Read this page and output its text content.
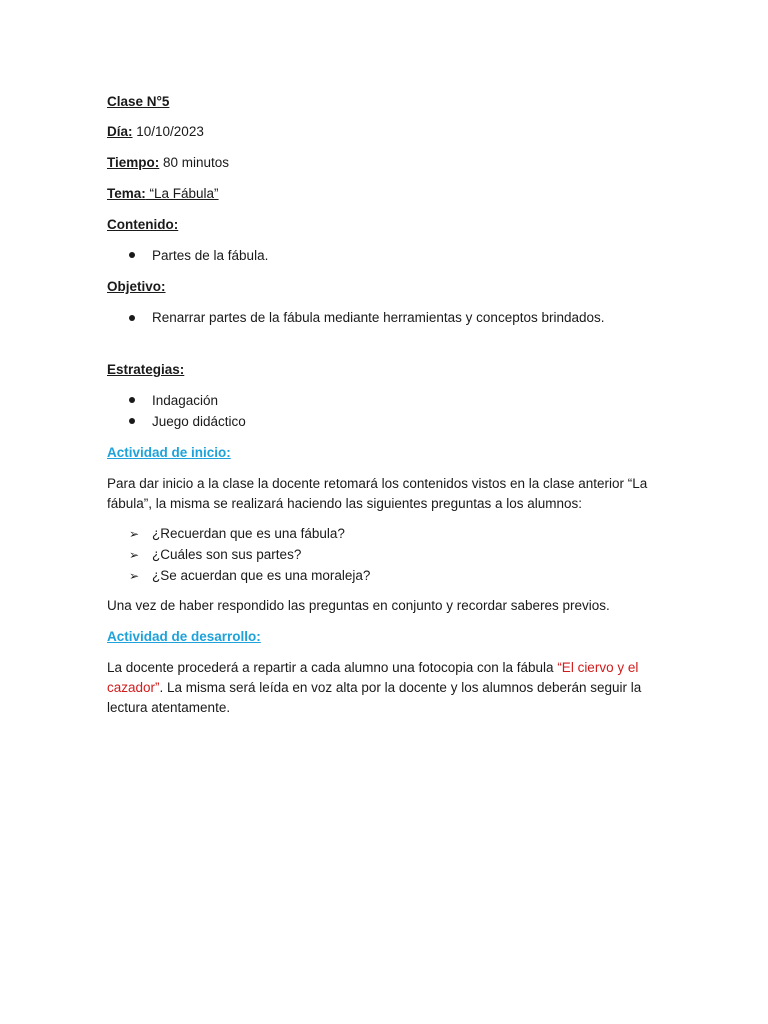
Clase N°5

Día: 10/10/2023

Tiempo: 80 minutos

Tema: “La Fábula”

Contenido:

Partes de la fábula.

Objetivo:

Renarrar partes de la fábula mediante herramientas y conceptos brindados.

Estrategias:

Indagación
Juego didáctico

Actividad de inicio:

Para dar inicio a la clase la docente retomará los contenidos vistos en la clase anterior “La fábula”, la misma se realizará haciendo las siguientes preguntas a los alumnos:

➢ ¿Recuerdan que es una fábula?
➢ ¿Cuáles son sus partes?
➢ ¿Se acuerdan que es una moraleja?

Una vez de haber respondido las preguntas en conjunto y recordar saberes previos.

Actividad de desarrollo:

La docente procederá a repartir a cada alumno una fotocopia con la fábula “El ciervo y el cazador”. La misma será leída en voz alta por la docente y los alumnos deberán seguir la lectura atentamente.
